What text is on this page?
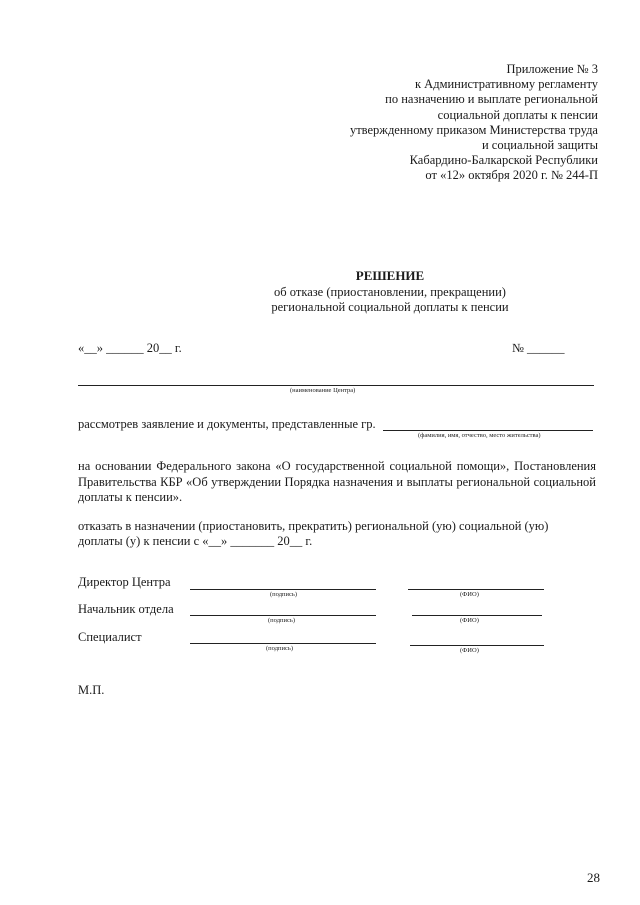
Приложение № 3
к Административному регламенту
по назначению и выплате региональной
социальной доплаты к пенсии
утвержденному приказом Министерства труда
и социальной защиты
Кабардино-Балкарской Республики
от «12» октября 2020 г. № 244-П
РЕШЕНИЕ
об отказе (приостановлении, прекращении)
региональной социальной доплаты к пенсии
«__» ______ 20__ г.	№ ______
(наименование Центра)
рассмотрев заявление и документы, представленные гр.
(фамилия, имя, отчество, место жительства)
на основании Федерального закона «О государственной социальной помощи», Постановления Правительства КБР «Об утверждении Порядка назначения и выплаты региональной социальной доплаты к пенсии».
отказать в назначении (приостановить, прекратить) региональной (ую) социальной (ую)
доплаты (у) к пенсии с «__» _______ 20__ г.
Директор Центра
(подпись)	(ФИО)
Начальник отдела
(подпись)	(ФИО)
Специалист
(подпись)	(ФИО)
М.П.
28
